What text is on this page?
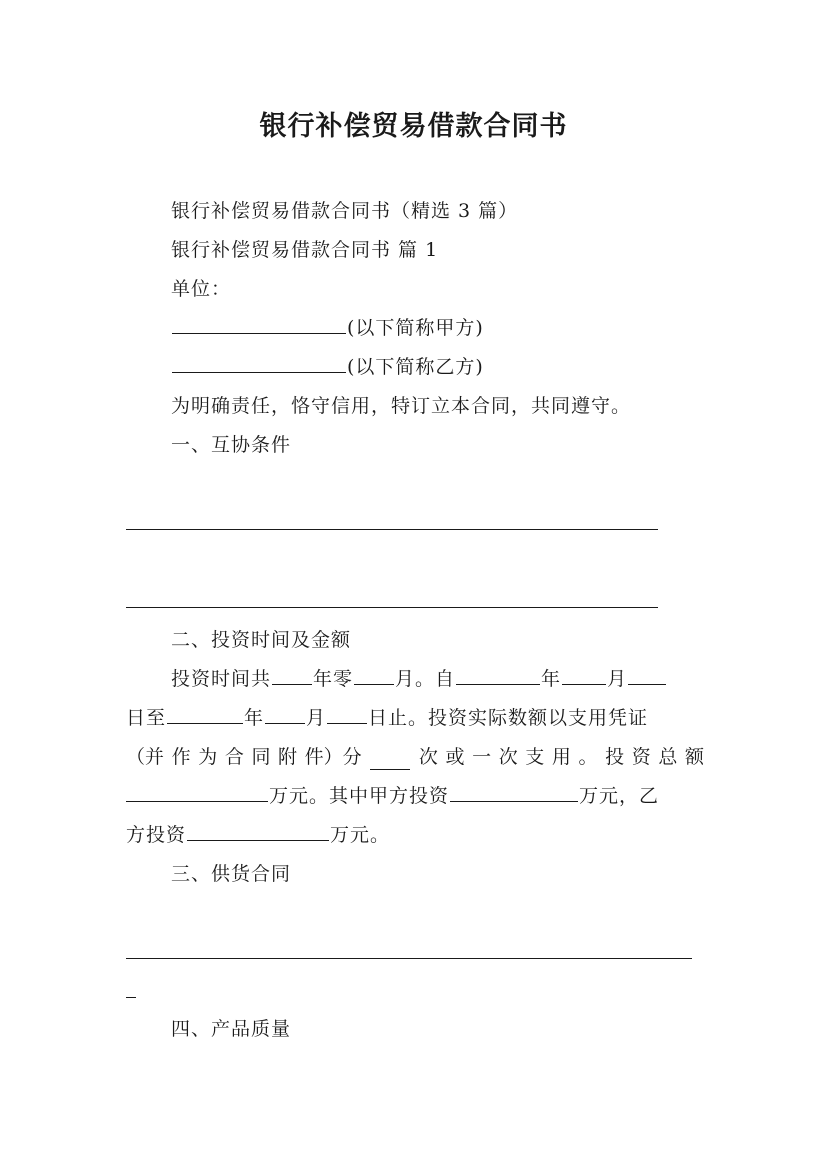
银行补偿贸易借款合同书
银行补偿贸易借款合同书（精选 3 篇）
银行补偿贸易借款合同书 篇 1
单位：
(以下简称甲方)
(以下简称乙方)
为明确责任，恪守信用，特订立本合同，共同遵守。
一、互协条件
二、投资时间及金额
投资时间共 年零 月。自	年 月
日至	年 月 日止。投资实际数额以支用凭证
（并 作 为 合 同 附 件）分	次 或 一 次 支 用 。 投 资 总 额
万元。其中甲方投资	万元，乙
方投资	万元。
三、供货合同
四、产品质量
